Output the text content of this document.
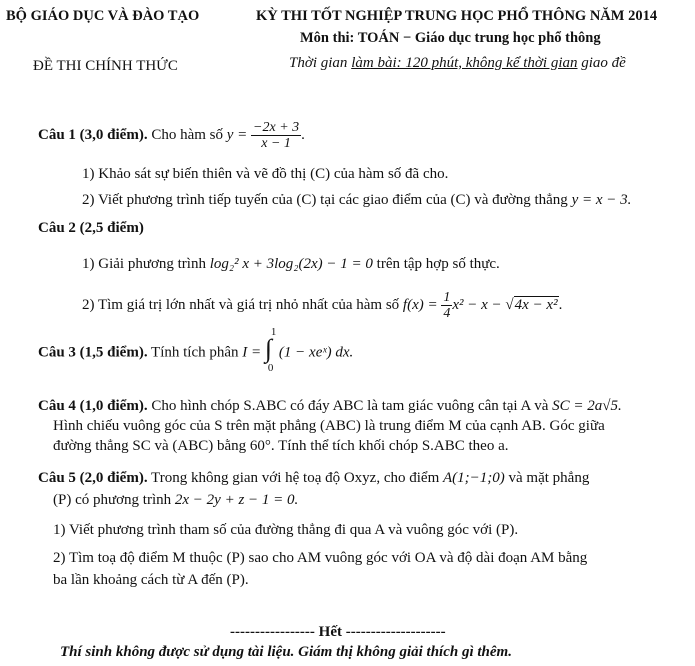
BỘ GIÁO DỤC VÀ ĐÀO TẠO	KỲ THI TỐT NGHIỆP TRUNG HỌC PHỔ THÔNG NĂM 2014
Môn thi: TOÁN − Giáo dục trung học phổ thông
ĐỀ THI CHÍNH THỨC	Thời gian làm bài: 120 phút, không kể thời gian giao đề
Câu 1 (3,0 điểm). Cho hàm số $y = \frac{-2x + 3}{x - 1}$ .
1) Khảo sát sự biến thiên và vẽ đồ thị (C) của hàm số đã cho.
2) Viết phương trình tiếp tuyến của (C) tại các giao điểm của (C) và đường thẳng y = x − 3.
Câu 2 (2,5 điểm)
1) Giải phương trình log₂² x + 3log₂(2x) − 1 = 0 trên tập hợp số thực.
2) Tìm giá trị lớn nhất và giá trị nhỏ nhất của hàm số $f(x) = \frac{1}{4} x^2 - x - √4x - x^2$.
Câu 3 (1,5 điểm). Tính tích phân I = ∫
1
0
(1 − xeˣ) dx.
Câu 4 (1,0 điểm). Cho hình chóp S.ABC có đáy ABC là tam giác vuông cân tại A và SC = 2a√5.
Hình chiếu vuông góc của S trên mặt phẳng (ABC) là trung điểm M của cạnh AB. Góc giữa
đường thẳng SC và (ABC) bằng 60°. Tính thể tích khối chóp S.ABC theo a.
Câu 5 (2,0 điểm). Trong không gian với hệ toạ độ Oxyz, cho điểm A(1;−1;0) và mặt phẳng
(P) có phương trình 2x − 2y + z − 1 = 0.
1) Viết phương trình tham số của đường thẳng đi qua A và vuông góc với (P).
2) Tìm toạ độ điểm M thuộc (P) sao cho AM vuông góc với OA và độ dài đoạn AM bằng
ba lần khoảng cách từ A đến (P).
----------------- Hết --------------------
Thí sinh không được sử dụng tài liệu. Giám thị không giải thích gì thêm.
